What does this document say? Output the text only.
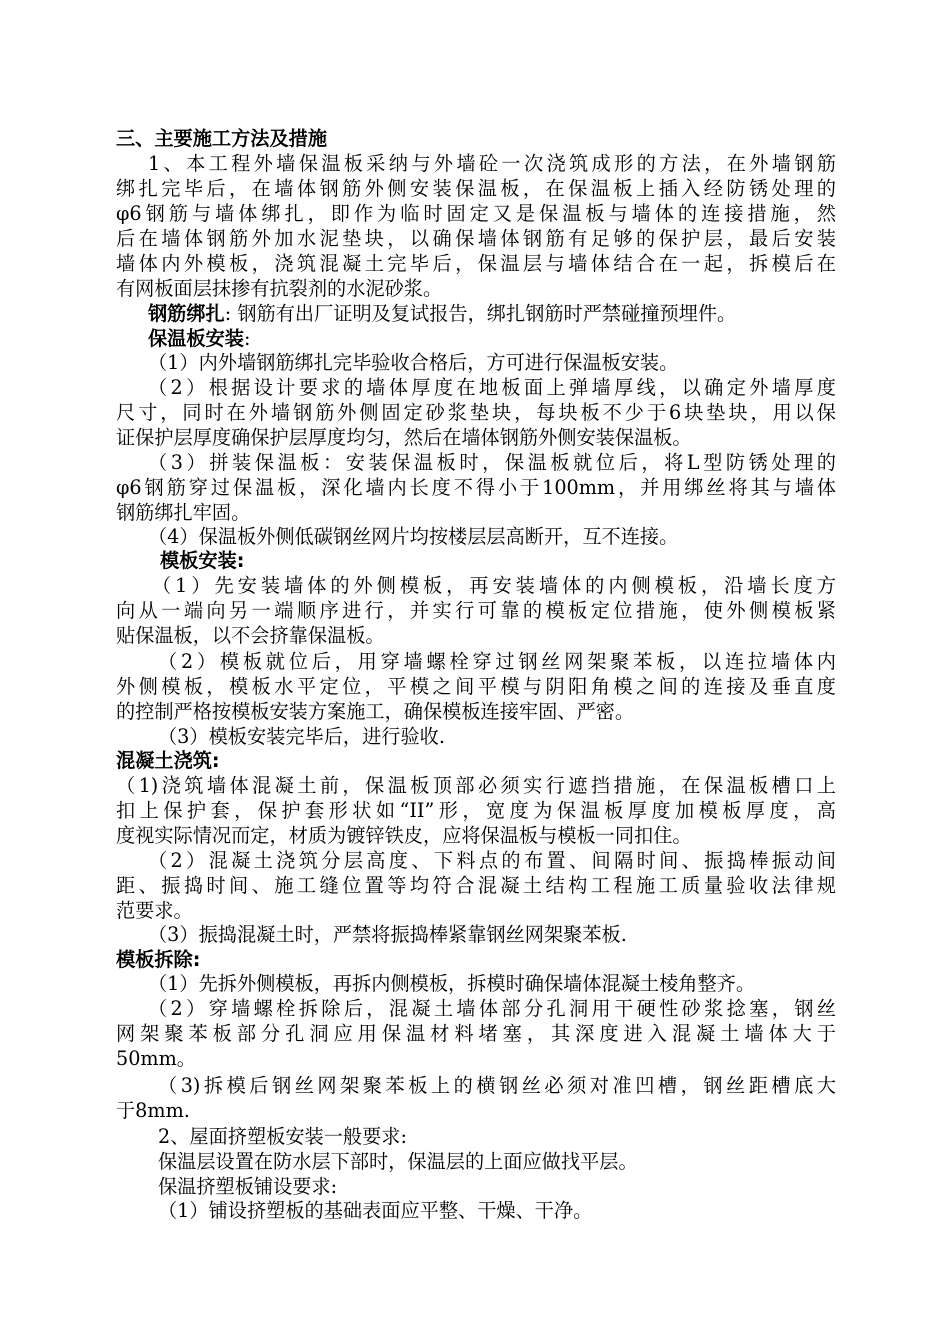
三、主要施工方法及措施
1、本工程外墙保温板采纳与外墙砼一次浇筑成形的方法，在外墙钢筋
绑扎完毕后，在墙体钢筋外侧安装保温板，在保温板上插入经防锈处理的
φ6钢筋与墙体绑扎，即作为临时固定又是保温板与墙体的连接措施，然
后在墙体钢筋外加水泥垫块，以确保墙体钢筋有足够的保护层，最后安装
墙体内外模板，浇筑混凝土完毕后，保温层与墙体结合在一起，拆模后在
有网板面层抹掺有抗裂剂的水泥砂浆。
钢筋绑扎: 钢筋有出厂证明及复试报告，绑扎钢筋时严禁碰撞预埋件。
保温板安装:
（1）内外墙钢筋绑扎完毕验收合格后，方可进行保温板安装。
（2）根据设计要求的墙体厚度在地板面上弹墙厚线，以确定外墙厚度
尺寸，同时在外墙钢筋外侧固定砂浆垫块，每块板不少于6块垫块，用以保
证保护层厚度确保护层厚度均匀，然后在墙体钢筋外侧安装保温板。
（3）拼装保温板：安装保温板时，保温板就位后，将L型防锈处理的
φ6钢筋穿过保温板，深化墙内长度不得小于100mm，并用绑丝将其与墙体
钢筋绑扎牢固。
（4）保温板外侧低碳钢丝网片均按楼层层高断开，互不连接。
模板安装:
（1）先安装墙体的外侧模板，再安装墙体的内侧模板，沿墙长度方
向从一端向另一端顺序进行，并实行可靠的模板定位措施，使外侧模板紧
贴保温板，以不会挤靠保温板。
（2）模板就位后，用穿墙螺栓穿过钢丝网架聚苯板，以连拉墙体内
外侧模板，模板水平定位，平模之间平模与阴阳角模之间的连接及垂直度
的控制严格按模板安装方案施工，确保模板连接牢固、严密。
（3）模板安装完毕后，进行验收.
混凝土浇筑:
（1)浇筑墙体混凝土前，保温板顶部必须实行遮挡措施，在保温板槽口上
扣上保护套，保护套形状如“II”形，宽度为保温板厚度加模板厚度，高
度视实际情况而定，材质为镀锌铁皮，应将保温板与模板一同扣住。
（2）混凝土浇筑分层高度、下料点的布置、间隔时间、振捣棒振动间
距、振捣时间、施工缝位置等均符合混凝土结构工程施工质量验收法律规
范要求。
（3）振捣混凝土时，严禁将振捣棒紧靠钢丝网架聚苯板.
模板拆除:
（1）先拆外侧模板，再拆内侧模板，拆模时确保墙体混凝土棱角整齐。
（2）穿墙螺栓拆除后，混凝土墙体部分孔洞用干硬性砂浆捻塞，钢丝
网架聚苯板部分孔洞应用保温材料堵塞，其深度进入混凝土墙体大于
50mm。
（3)拆模后钢丝网架聚苯板上的横钢丝必须对准凹槽，钢丝距槽底大
于8mm.
2、屋面挤塑板安装一般要求:
保温层设置在防水层下部时，保温层的上面应做找平层。
保温挤塑板铺设要求:
（1）铺设挤塑板的基础表面应平整、干燥、干净。
